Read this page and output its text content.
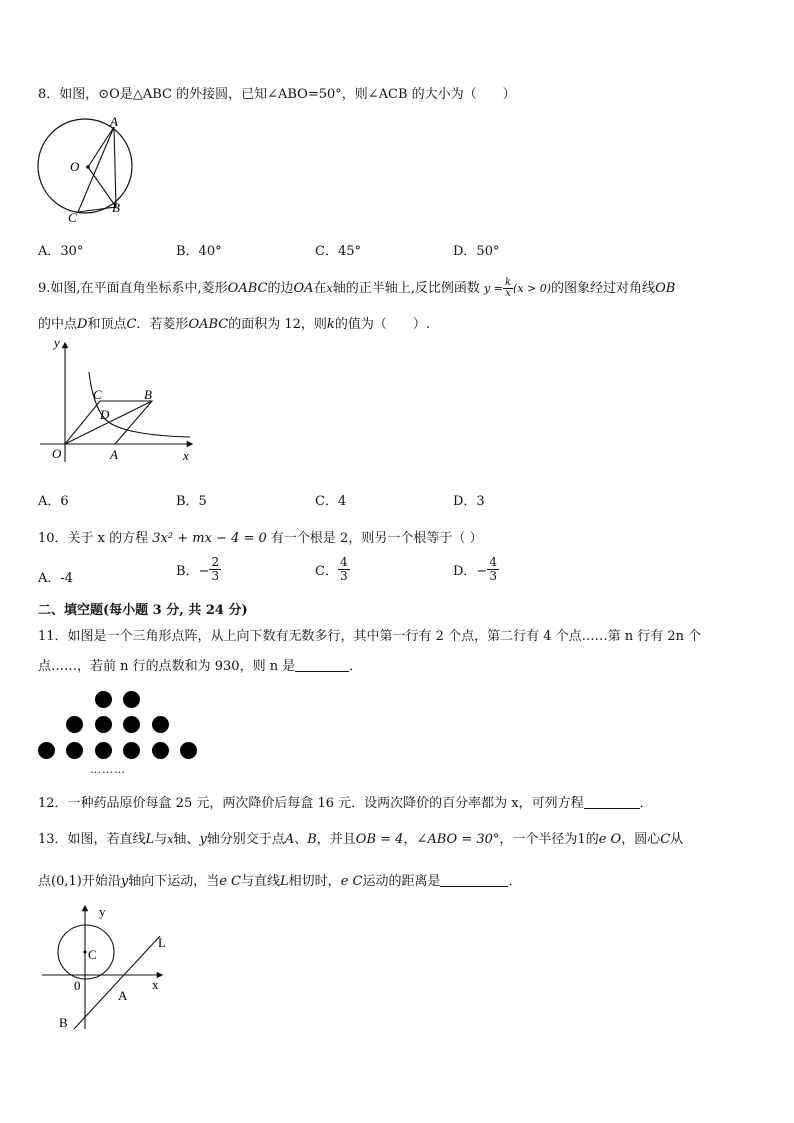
8．如图，⊙O是△ABC 的外接圆，已知∠ABO=50°，则∠ACB 的大小为（　　）
A
O
C
B
A．30°	B．40°	C．45°	D．50°
9.如图,在平面直角坐标系中,菱形OABC的边OA在x轴的正半轴上,反比例函数 $y = \frac{k}{x} (x > 0)$的图象经过对角线OB
的中点D和顶点C．若菱形OABC的面积为 12，则k的值为（　　）.
y
x
O	A
B
C
D
A．6	B．5	C．4	D．3
10．关于 x 的方程 3x² + mx − 4 = 0 有一个根是 2，则另一个根等于（ ）
A．-4	B．− $\frac{2}{3}$	C． $\frac{4}{3}$	D．− $\frac{4}{3}$
二、填空题(每小题 3 分, 共 24 分)
11．如图是一个三角形点阵，从上向下数有无数多行，其中第一行有 2 个点，第二行有 4 个点……第 n 行有 2n 个
点……，若前 n 行的点数和为 930，则 n 是	．
………
12．一种药品原价每盒 25 元，两次降价后每盒 16 元．设两次降价的百分率都为 x，可列方程	．
13．如图，若直线L与x轴、y轴分别交于点A、B，并且OB = 4，∠ABO = 30°，一个半径为1的e O，圆心C从
点(0,1)开始沿y轴向下运动，当e C与直线L相切时，e C运动的距离是	．
y
x
C
L
0
A
B
